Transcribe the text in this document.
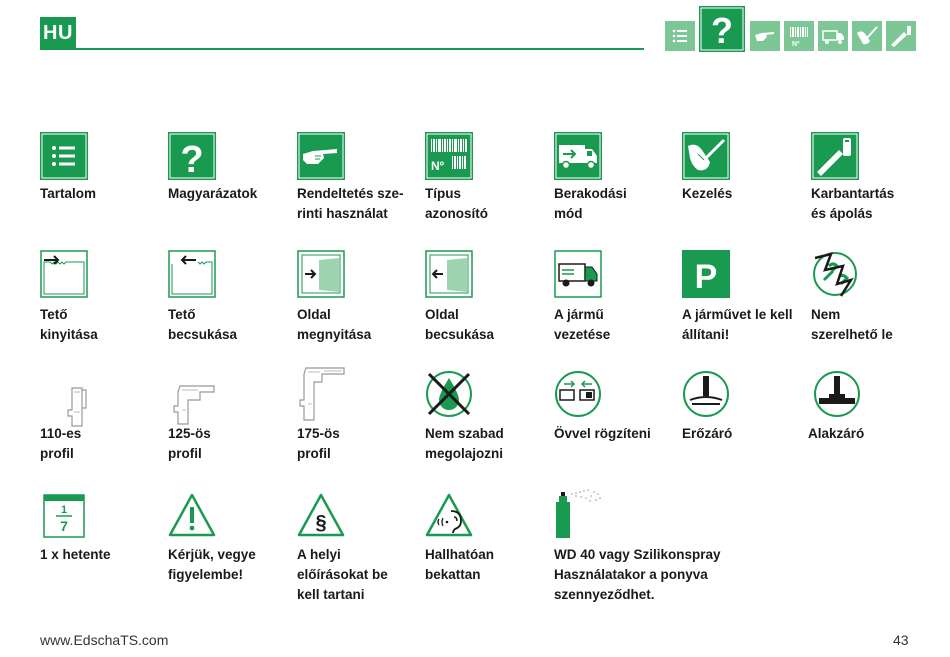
HU	?	Nº
Tartalom
?
Magyarázatok	Rendeltetés sze-
rinti használat
Nº
Típus
azonosító
Berakodási
mód
Kezelés	Karbantartás
és ápolás
Tető
kinyitása
Tető
becsukása
Oldal
megnyitása
Oldal
becsukása
A jármű
vezetése
P
A járművet le kell
állítani!
Nem
szerelhető le
110-es
profil
125-ös
profil
175-ös
profil
Nem szabad
megolajozni
Övvel rögzíteni	Erőzáró	Alakzáró
1
7
1 x hetente	Kérjük, vegye
figyelembe!
§
A helyi
előírásokat be
kell tartani
Hallhatóan
bekattan
WD 40 vagy Szilikonspray
Használatakor a ponyva
szennyeződhet.
www.EdschaTS.com	43
